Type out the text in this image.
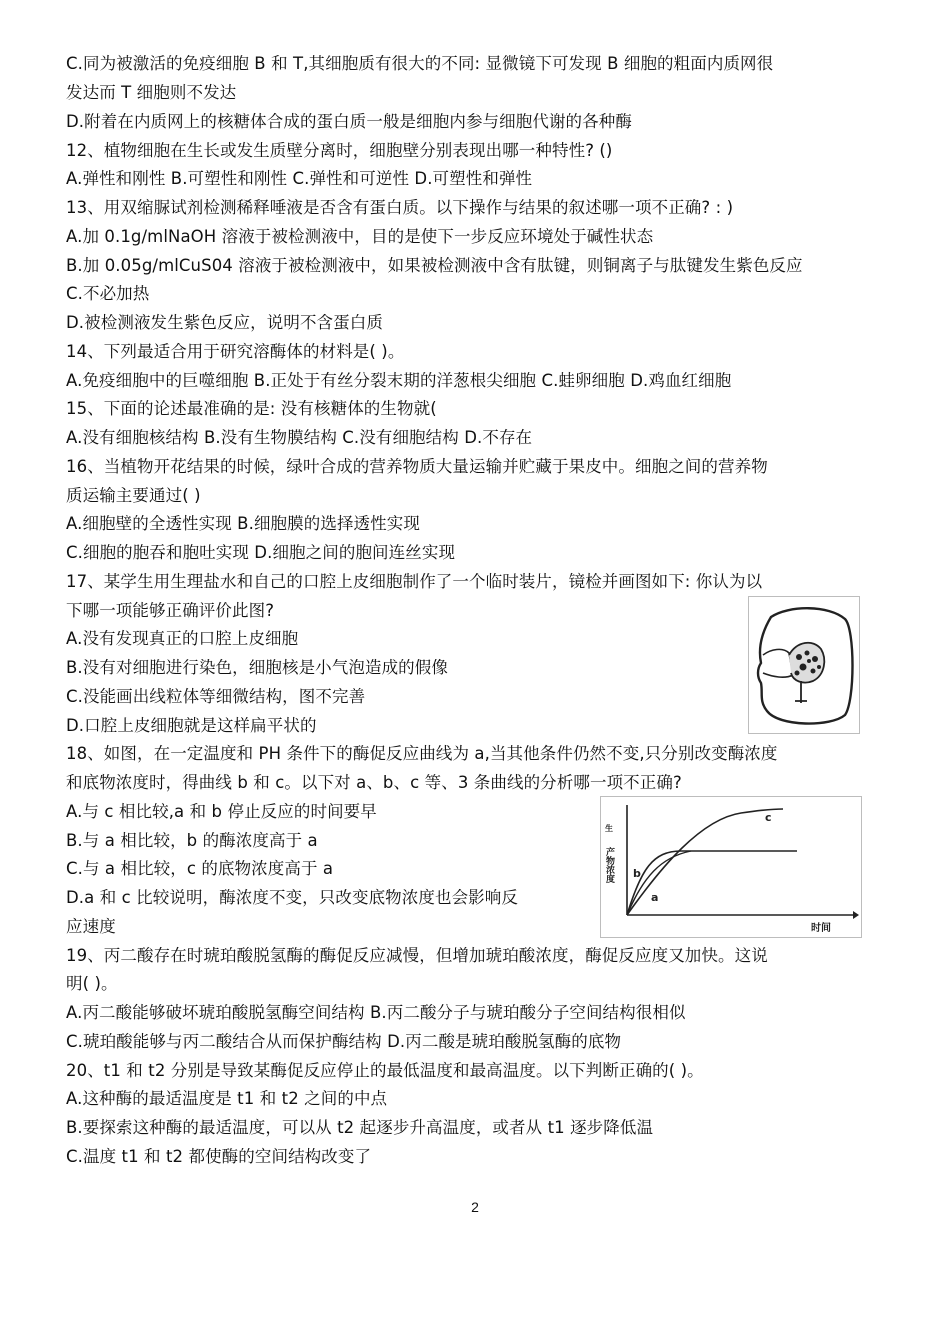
C.同为被激活的免疫细胞 B 和 T,其细胞质有很大的不同: 显微镜下可发现 B 细胞的粗面内质网很
发达而 T 细胞则不发达
D.附着在内质网上的核糖体合成的蛋白质一般是细胞内参与细胞代谢的各种酶
12、植物细胞在生长或发生质壁分离时，细胞壁分别表现出哪一种特性? ()
A.弹性和刚性 B.可塑性和刚性 C.弹性和可逆性 D.可塑性和弹性
13、用双缩脲试剂检测稀释唾液是否含有蛋白质。以下操作与结果的叙述哪一项不正确? : )
A.加 0.1g/mlNaOH 溶液于被检测液中，目的是使下一步反应环境处于碱性状态
B.加 0.05g/mlCuS04 溶液于被检测液中，如果被检测液中含有肽键，则铜离子与肽键发生紫色反应
C.不必加热
D.被检测液发生紫色反应，说明不含蛋白质
14、下列最适合用于研究溶酶体的材料是( )。
A.免疫细胞中的巨噬细胞 B.正处于有丝分裂末期的洋葱根尖细胞 C.蛙卵细胞 D.鸡血红细胞
15、下面的论述最准确的是: 没有核糖体的生物就(
A.没有细胞核结构 B.没有生物膜结构 C.没有细胞结构 D.不存在
16、当植物开花结果的时候，绿叶合成的营养物质大量运输并贮藏于果皮中。细胞之间的营养物
质运输主要通过( )
A.细胞壁的全透性实现 B.细胞膜的选择透性实现
C.细胞的胞吞和胞吐实现 D.细胞之间的胞间连丝实现
17、某学生用生理盐水和自己的口腔上皮细胞制作了一个临时装片，镜检并画图如下: 你认为以
下哪一项能够正确评价此图?
A.没有发现真正的口腔上皮细胞
B.没有对细胞进行染色，细胞核是小气泡造成的假像
C.没能画出线粒体等细微结构，图不完善
D.口腔上皮细胞就是这样扁平状的
18、如图，在一定温度和 PH 条件下的酶促反应曲线为 a,当其他条件仍然不变,只分别改变酶浓度
和底物浓度时，得曲线 b 和 c。以下对 a、b、c 等、3 条曲线的分析哪一项不正确?
A.与 c 相比较,a 和 b 停止反应的时间要早
B.与 a 相比较，b 的酶浓度高于 a
C.与 a 相比较，c 的底物浓度高于 a
D.a 和 c 比较说明，酶浓度不变，只改变底物浓度也会影响反
应速度
19、丙二酸存在时琥珀酸脱氢酶的酶促反应减慢，但增加琥珀酸浓度，酶促反应度又加快。这说
明( )。
A.丙二酸能够破坏琥珀酸脱氢酶空间结构 B.丙二酸分子与琥珀酸分子空间结构很相似
C.琥珀酸能够与丙二酸结合从而保护酶结构 D.丙二酸是琥珀酸脱氢酶的底物
20、t1 和 t2 分别是导致某酶促反应停止的最低温度和最高温度。以下判断正确的( )。
A.这种酶的最适温度是 t1 和 t2 之间的中点
B.要探索这种酶的最适温度，可以从 t2 起逐步升高温度，或者从 t1 逐步降低温
C.温度 t1 和 t2 都使酶的空间结构改变了
生
产物浓度
c
b
a
时间
2
